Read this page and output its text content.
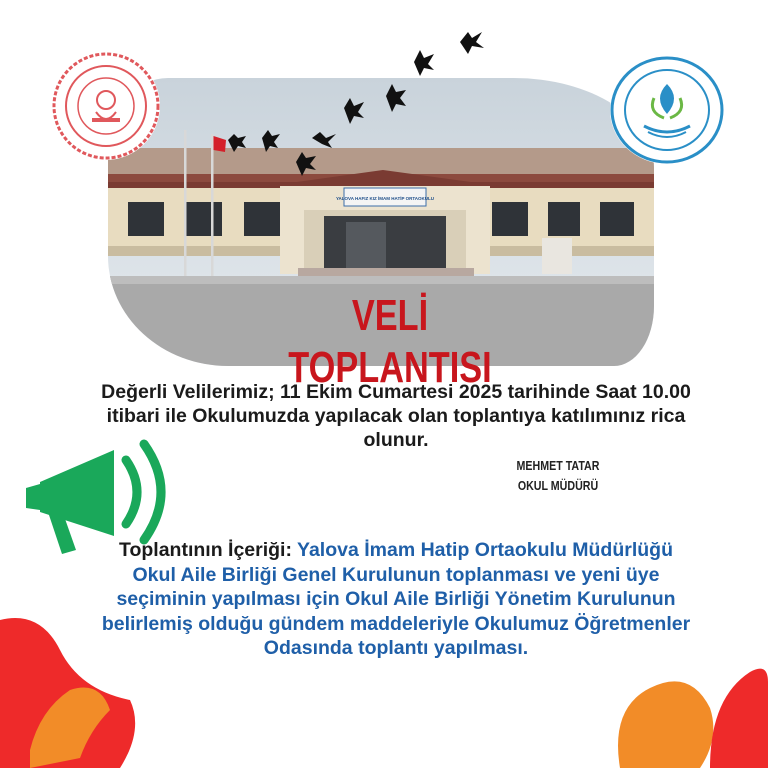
YALOVA HAFIZ KIZ İMAM HATİP ORTAOKULU
VELİ TOPLANTISI
Değerli Velilerimiz; 11 Ekim Cumartesi 2025 tarihinde Saat 10.00 itibari ile Okulumuzda yapılacak olan toplantıya katılımınız rica olunur.
MEHMET TATAR
OKUL MÜDÜRÜ
Toplantının İçeriği: Yalova İmam Hatip Ortaokulu Müdürlüğü Okul Aile Birliği Genel Kurulunun toplanması ve yeni üye seçiminin yapılması için Okul Aile Birliği Yönetim Kurulunun belirlemiş olduğu gündem maddeleriyle Okulumuz Öğretmenler Odasında toplantı yapılması.
